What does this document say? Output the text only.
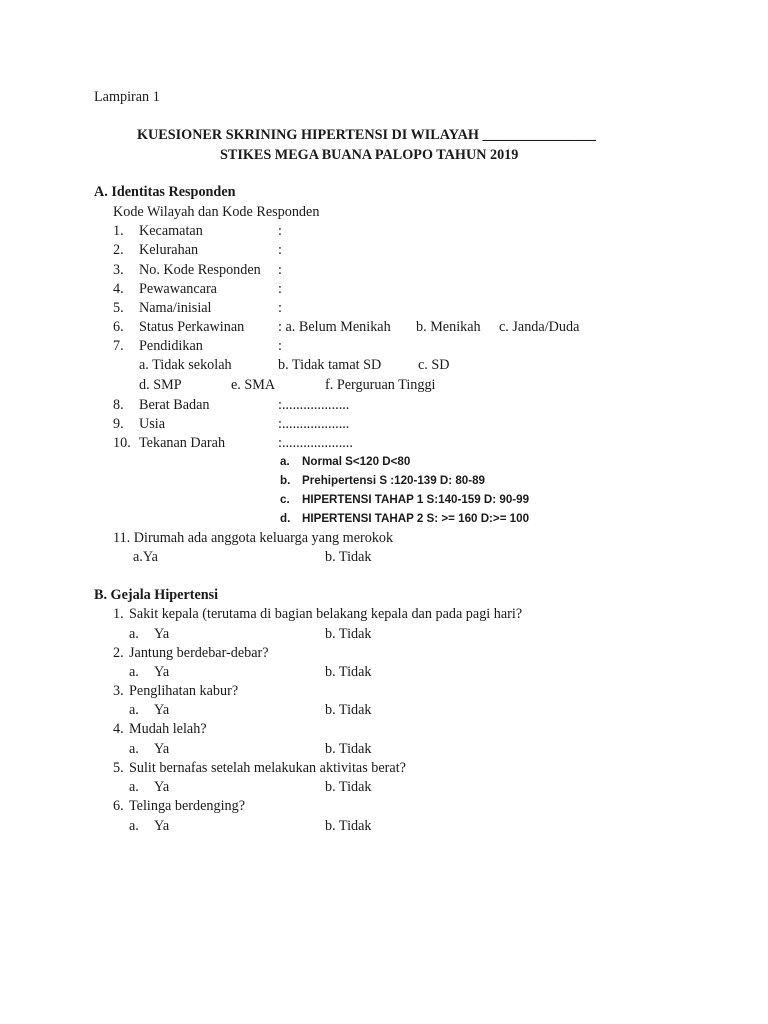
Lampiran 1
KUESIONER SKRINING HIPERTENSI DI WILAYAH ________________
STIKES MEGA BUANA PALOPO TAHUN 2019
A. Identitas Responden
Kode Wilayah dan Kode Responden
1. Kecamatan	:
2. Kelurahan	:
3. No. Kode Responden :
4. Pewawancara	:
5. Nama/inisial	:
6. Status Perkawinan : a. Belum Menikah b. Menikah c. Janda/Duda
7. Pendidikan	:
a. Tidak sekolah	b. Tidak tamat SD	c. SD
d. SMP	e. SMA	f. Perguruan Tinggi
8. Berat Badan	:...................
9. Usia	:...................
10. Tekanan Darah	:....................
a. Normal S<120 D<80
b. Prehipertensi S :120-139 D: 80-89
c. HIPERTENSI TAHAP 1 S:140-159 D: 90-99
d. HIPERTENSI TAHAP 2 S: >= 160 D:>= 100
11. Dirumah ada anggota keluarga yang merokok
a.Ya	b. Tidak
B. Gejala Hipertensi
1. Sakit kepala (terutama di bagian belakang kepala dan pada pagi hari?
a. Ya	b. Tidak
2. Jantung berdebar-debar?
a. Ya	b. Tidak
3. Penglihatan kabur?
a. Ya	b. Tidak
4. Mudah lelah?
a. Ya	b. Tidak
5. Sulit bernafas setelah melakukan aktivitas berat?
a. Ya	b. Tidak
6. Telinga berdenging?
a. Ya	b. Tidak
